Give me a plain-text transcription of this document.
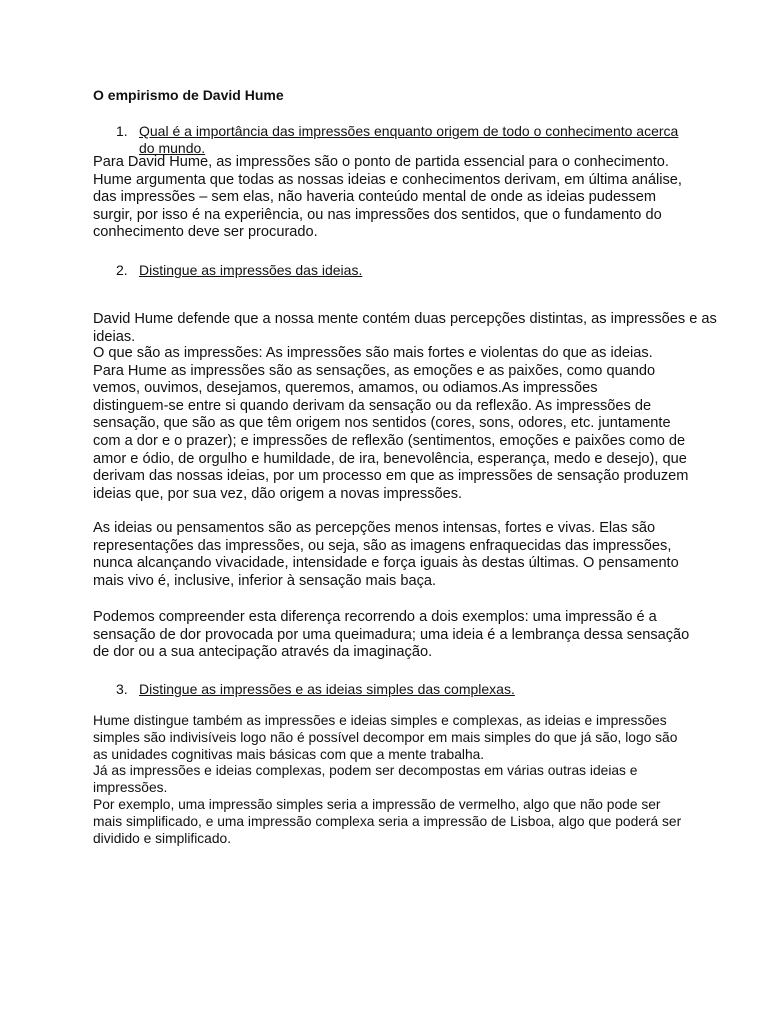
O empirismo de David Hume
1. Qual é a importância das impressões enquanto origem de todo o conhecimento acerca
do mundo.
Para David Hume, as impressões são o ponto de partida essencial para o conhecimento.
Hume argumenta que todas as nossas ideias e conhecimentos derivam, em última análise,
das impressões – sem elas, não haveria conteúdo mental de onde as ideias pudessem
surgir, por isso é na experiência, ou nas impressões dos sentidos, que o fundamento do
conhecimento deve ser procurado.
2. Distingue as impressões das ideias.
David Hume defende que a nossa mente contém duas percepções distintas, as impressões e as
ideias.
O que são as impressões: As impressões são mais fortes e violentas do que as ideias.
Para Hume as impressões são as sensações, as emoções e as paixões, como quando
vemos, ouvimos, desejamos, queremos, amamos, ou odiamos.As impressões
distinguem-se entre si quando derivam da sensação ou da reflexão. As impressões de
sensação, que são as que têm origem nos sentidos (cores, sons, odores, etc. juntamente
com a dor e o prazer); e impressões de reflexão (sentimentos, emoções e paixões como de
amor e ódio, de orgulho e humildade, de ira, benevolência, esperança, medo e desejo), que
derivam das nossas ideias, por um processo em que as impressões de sensação produzem
ideias que, por sua vez, dão origem a novas impressões.
As ideias ou pensamentos são as percepções menos intensas, fortes e vivas. Elas são
representações das impressões, ou seja, são as imagens enfraquecidas das impressões,
nunca alcançando vivacidade, intensidade e força iguais às destas últimas. O pensamento
mais vivo é, inclusive, inferior à sensação mais baça.
Podemos compreender esta diferença recorrendo a dois exemplos: uma impressão é a
sensação de dor provocada por uma queimadura; uma ideia é a lembrança dessa sensação
de dor ou a sua antecipação através da imaginação.
3. Distingue as impressões e as ideias simples das complexas.
Hume distingue também as impressões e ideias simples e complexas, as ideias e impressões
simples são indivisíveis logo não é possível decompor em mais simples do que já são, logo são
as unidades cognitivas mais básicas com que a mente trabalha.
Já as impressões e ideias complexas, podem ser decompostas em várias outras ideias e
impressões.
Por exemplo, uma impressão simples seria a impressão de vermelho, algo que não pode ser
mais simplificado, e uma impressão complexa seria a impressão de Lisboa, algo que poderá ser
dividido e simplificado.
